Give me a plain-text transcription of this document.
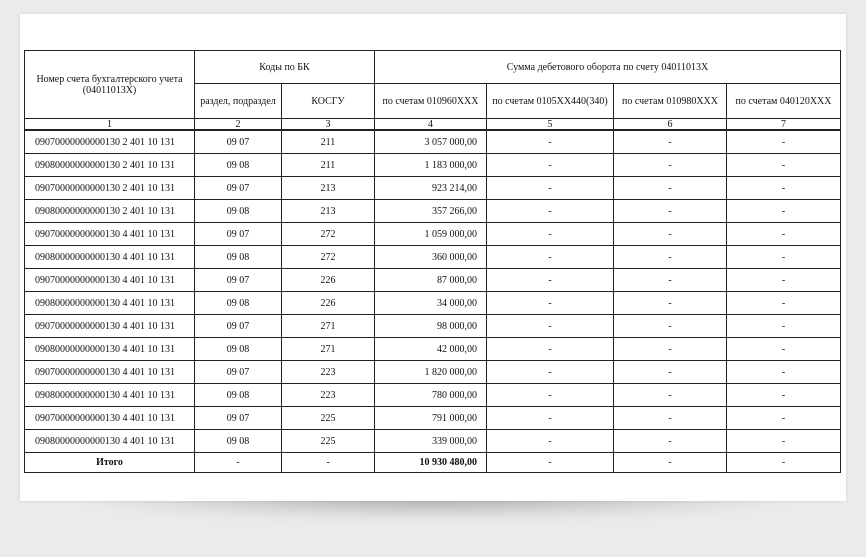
Номер счета бухгалтерского учета (04011013Х)	Коды по БК		Сумма дебетового оборота по счету 04011013Х			
	раздел, подраздел	КОСГУ	по счетам 010960ХХХ	по счетам 0105ХХ440(340)	по счетам 010980ХХХ	по счетам 040120ХХХ
1	2	3	4	5	6	7
09070000000000130 2 401 10 131	09 07	211	3 057 000,00	-	-	-
09080000000000130 2 401 10 131	09 08	211	1 183 000,00	-	-	-
09070000000000130 2 401 10 131	09 07	213	923 214,00	-	-	-
09080000000000130 2 401 10 131	09 08	213	357 266,00	-	-	-
09070000000000130 4 401 10 131	09 07	272	1 059 000,00	-	-	-
09080000000000130 4 401 10 131	09 08	272	360 000,00	-	-	-
09070000000000130 4 401 10 131	09 07	226	87 000,00	-	-	-
09080000000000130 4 401 10 131	09 08	226	34 000,00	-	-	-
09070000000000130 4 401 10 131	09 07	271	98 000,00	-	-	-
09080000000000130 4 401 10 131	09 08	271	42 000,00	-	-	-
09070000000000130 4 401 10 131	09 07	223	1 820 000,00	-	-	-
09080000000000130 4 401 10 131	09 08	223	780 000,00	-	-	-
09070000000000130 4 401 10 131	09 07	225	791 000,00	-	-	-
09080000000000130 4 401 10 131	09 08	225	339 000,00	-	-	-
Итого	-	-	10 930 480,00	-	-	-
